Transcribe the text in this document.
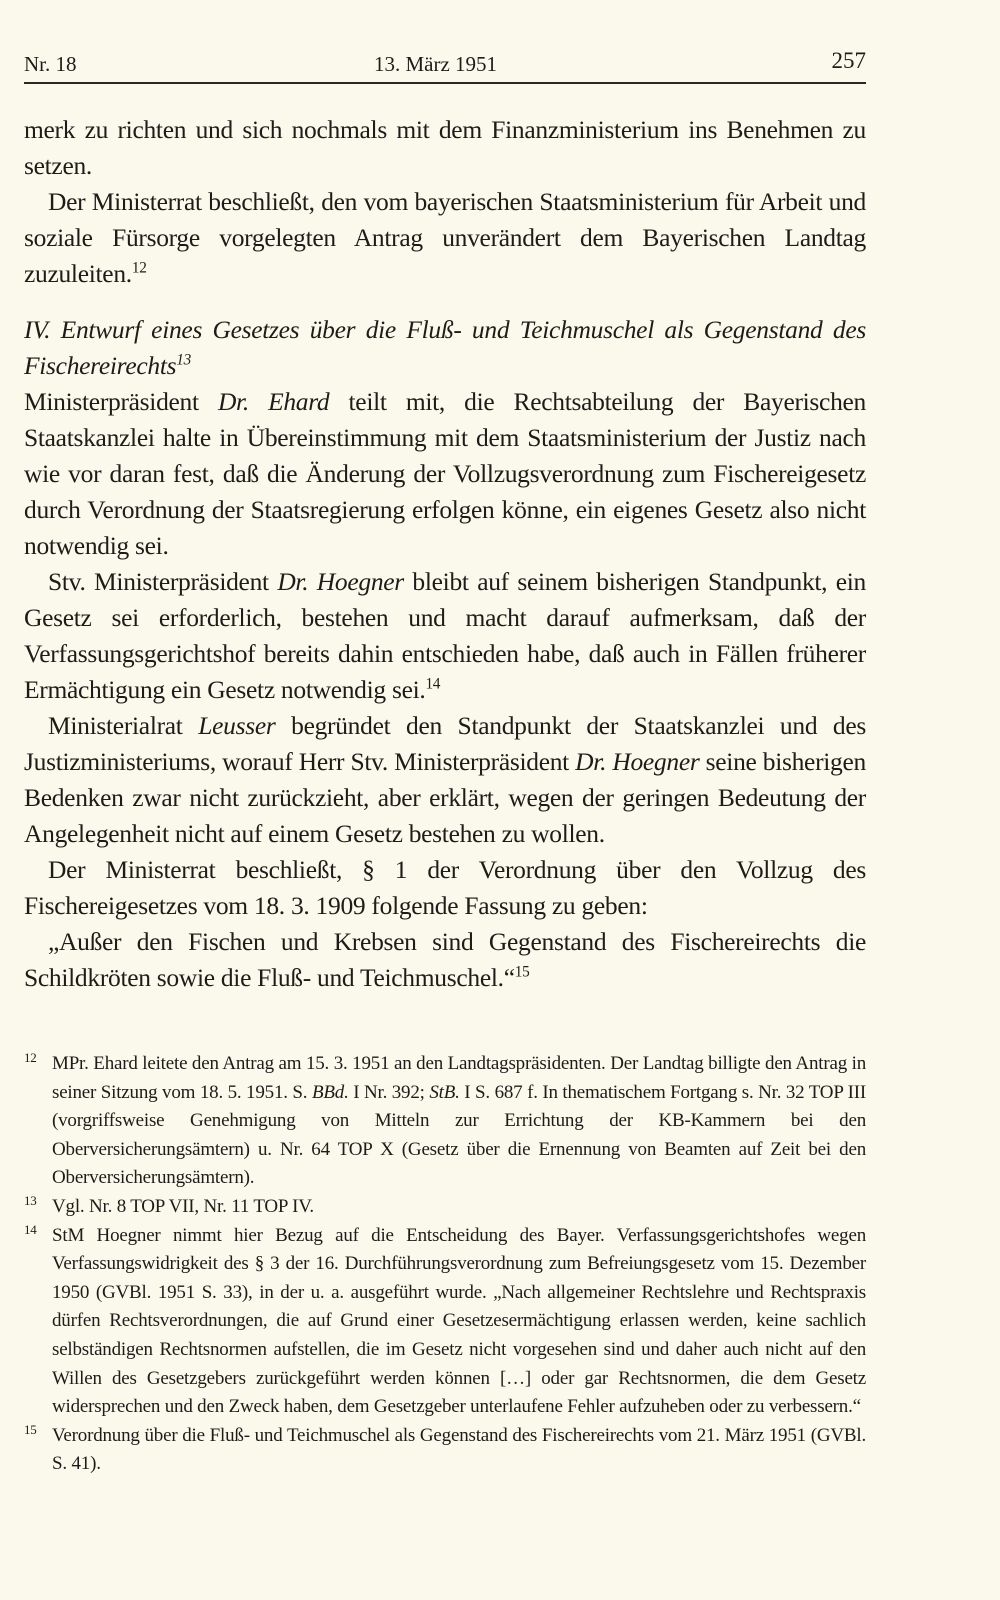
Nr. 18	13. März 1951	257

merk zu richten und sich nochmals mit dem Finanzministerium ins Benehmen zu setzen.

Der Ministerrat beschließt, den vom bayerischen Staatsministerium für Arbeit und soziale Fürsorge vorgelegten Antrag unverändert dem Bayerischen Landtag zuzuleiten.$^{12}$

IV. Entwurf eines Gesetzes über die Fluß- und Teichmuschel als Gegenstand des Fischereirechts$^{13}$

Ministerpräsident Dr. Ehard teilt mit, die Rechtsabteilung der Bayerischen Staatskanzlei halte in Übereinstimmung mit dem Staatsministerium der Justiz nach wie vor daran fest, daß die Änderung der Vollzugsverordnung zum Fischereigesetz durch Verordnung der Staatsregierung erfolgen könne, ein eigenes Gesetz also nicht notwendig sei.

Stv. Ministerpräsident Dr. Hoegner bleibt auf seinem bisherigen Standpunkt, ein Gesetz sei erforderlich, bestehen und macht darauf aufmerksam, daß der Verfassungsgerichtshof bereits dahin entschieden habe, daß auch in Fällen früherer Ermächtigung ein Gesetz notwendig sei.$^{14}$

Ministerialrat Leusser begründet den Standpunkt der Staatskanzlei und des Justizministeriums, worauf Herr Stv. Ministerpräsident Dr. Hoegner seine bisherigen Bedenken zwar nicht zurückzieht, aber erklärt, wegen der geringen Bedeutung der Angelegenheit nicht auf einem Gesetz bestehen zu wollen.

Der Ministerrat beschließt, § 1 der Verordnung über den Vollzug des Fischereigesetzes vom 18. 3. 1909 folgende Fassung zu geben:

„Außer den Fischen und Krebsen sind Gegenstand des Fischereirechts die Schildkröten sowie die Fluß- und Teichmuschel.“$^{15}$

12 MPr. Ehard leitete den Antrag am 15. 3. 1951 an den Landtagspräsidenten. Der Landtag billigte den Antrag in seiner Sitzung vom 18. 5. 1951. S. BBd. I Nr. 392; StB. I S. 687 f. In thematischem Fortgang s. Nr. 32 TOP III (vorgriffsweise Genehmigung von Mitteln zur Errichtung der KB-Kammern bei den Oberversicherungsämtern) u. Nr. 64 TOP X (Gesetz über die Ernennung von Beamten auf Zeit bei den Oberversicherungsämtern).

13 Vgl. Nr. 8 TOP VII, Nr. 11 TOP IV.

14 StM Hoegner nimmt hier Bezug auf die Entscheidung des Bayer. Verfassungsgerichtshofes wegen Verfassungswidrigkeit des § 3 der 16. Durchführungsverordnung zum Befreiungsgesetz vom 15. Dezember 1950 (GVBl. 1951 S. 33), in der u. a. ausgeführt wurde. „Nach allgemeiner Rechtslehre und Rechtspraxis dürfen Rechtsverordnungen, die auf Grund einer Gesetzesermächtigung erlassen werden, keine sachlich selbständigen Rechtsnormen aufstellen, die im Gesetz nicht vorgesehen sind und daher auch nicht auf den Willen des Gesetzgebers zurückgeführt werden können […] oder gar Rechtsnormen, die dem Gesetz widersprechen und den Zweck haben, dem Gesetzgeber unterlaufene Fehler aufzuheben oder zu verbessern.“

15 Verordnung über die Fluß- und Teichmuschel als Gegenstand des Fischereirechts vom 21. März 1951 (GVBl. S. 41).
